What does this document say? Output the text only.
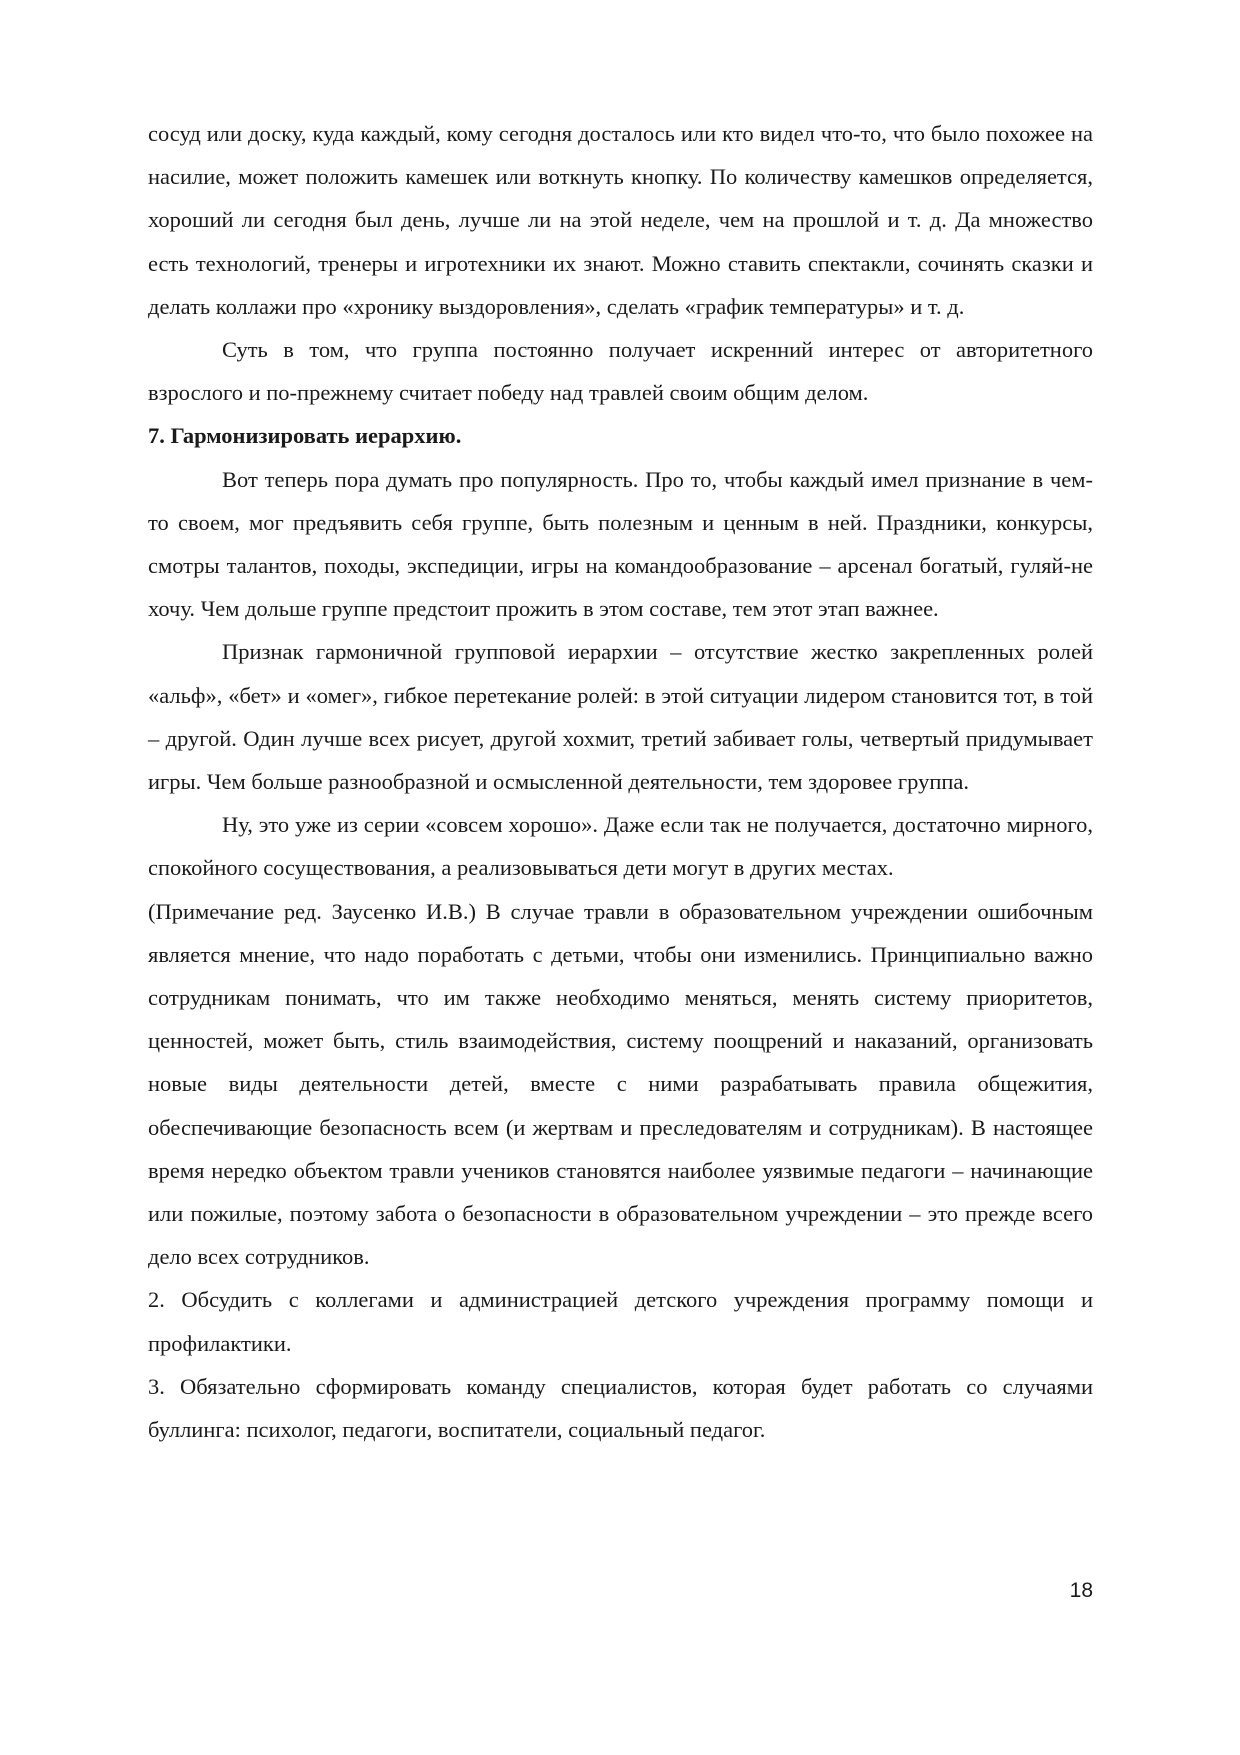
сосуд или доску, куда каждый, кому сегодня досталось или кто видел что-то, что было похожее на насилие, может положить камешек или воткнуть кнопку. По количеству камешков определяется, хороший ли сегодня был день, лучше ли на этой неделе, чем на прошлой и т. д. Да множество есть технологий, тренеры и игротехники их знают. Можно ставить спектакли, сочинять сказки и делать коллажи про «хронику выздоровления», сделать «график температуры» и т. д.

Суть в том, что группа постоянно получает искренний интерес от авторитетного взрослого и по-прежнему считает победу над травлей своим общим делом.

7. Гармонизировать иерархию.

Вот теперь пора думать про популярность. Про то, чтобы каждый имел признание в чем-то своем, мог предъявить себя группе, быть полезным и ценным в ней. Праздники, конкурсы, смотры талантов, походы, экспедиции, игры на командообразование – арсенал богатый, гуляй-не хочу. Чем дольше группе предстоит прожить в этом составе, тем этот этап важнее.

Признак гармоничной групповой иерархии – отсутствие жестко закрепленных ролей «альф», «бет» и «омег», гибкое перетекание ролей: в этой ситуации лидером становится тот, в той – другой. Один лучше всех рисует, другой хохмит, третий забивает голы, четвертый придумывает игры. Чем больше разнообразной и осмысленной деятельности, тем здоровее группа.

Ну, это уже из серии «совсем хорошо». Даже если так не получается, достаточно мирного, спокойного сосуществования, а реализовываться дети могут в других местах.

(Примечание ред. Заусенко И.В.) В случае травли в образовательном учреждении ошибочным является мнение, что надо поработать с детьми, чтобы они изменились. Принципиально важно сотрудникам понимать, что им также необходимо меняться, менять систему приоритетов, ценностей, может быть, стиль взаимодействия, систему поощрений и наказаний, организовать новые виды деятельности детей, вместе с ними разрабатывать правила общежития, обеспечивающие безопасность всем (и жертвам и преследователям и сотрудникам). В настоящее время нередко объектом травли учеников становятся наиболее уязвимые педагоги – начинающие или пожилые, поэтому забота о безопасности в образовательном учреждении – это прежде всего дело всех сотрудников.

2. Обсудить с коллегами и администрацией детского учреждения программу помощи и профилактики.

3. Обязательно сформировать команду специалистов, которая будет работать со случаями буллинга: психолог, педагоги, воспитатели, социальный педагог.

18
